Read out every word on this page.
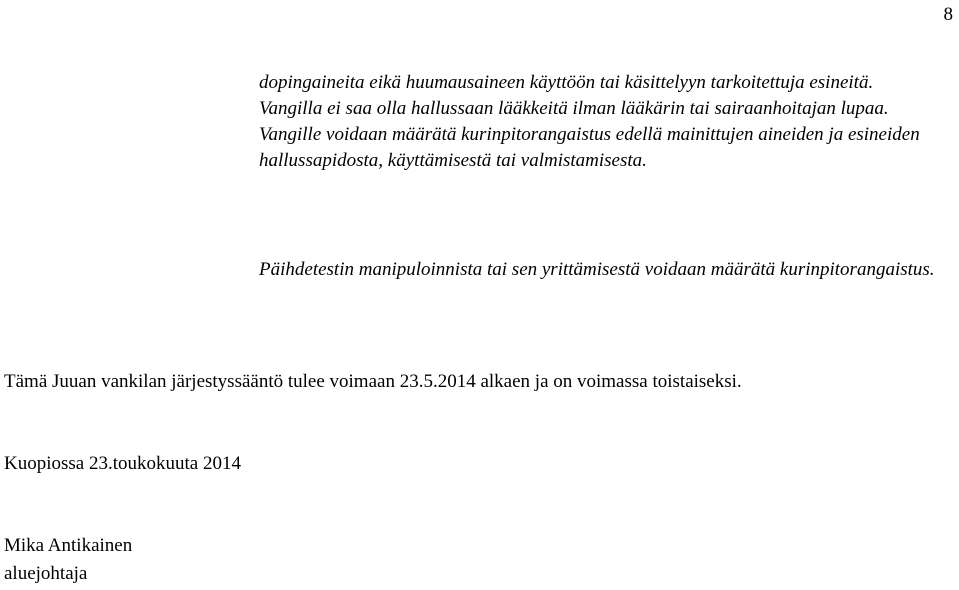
8

dopingaineita eikä huumausaineen käyttöön tai käsittelyyn tarkoitettuja esineitä.

Vangilla ei saa olla hallussaan lääkkeitä ilman lääkärin tai sairaanhoitajan lupaa.

Vangille voidaan määrätä kurinpitorangaistus edellä mainittujen aineiden ja esineiden hallussapidosta, käyttämisestä tai valmistamisesta.

Päihdetestin manipuloinnista tai sen yrittämisestä voidaan määrätä kurinpitorangaistus.

Tämä Juuan vankilan järjestyssääntö tulee voimaan 23.5.2014 alkaen ja on voimassa toistaiseksi.

Kuopiossa 23.toukokuuta 2014

Mika Antikainen

aluejohtaja
